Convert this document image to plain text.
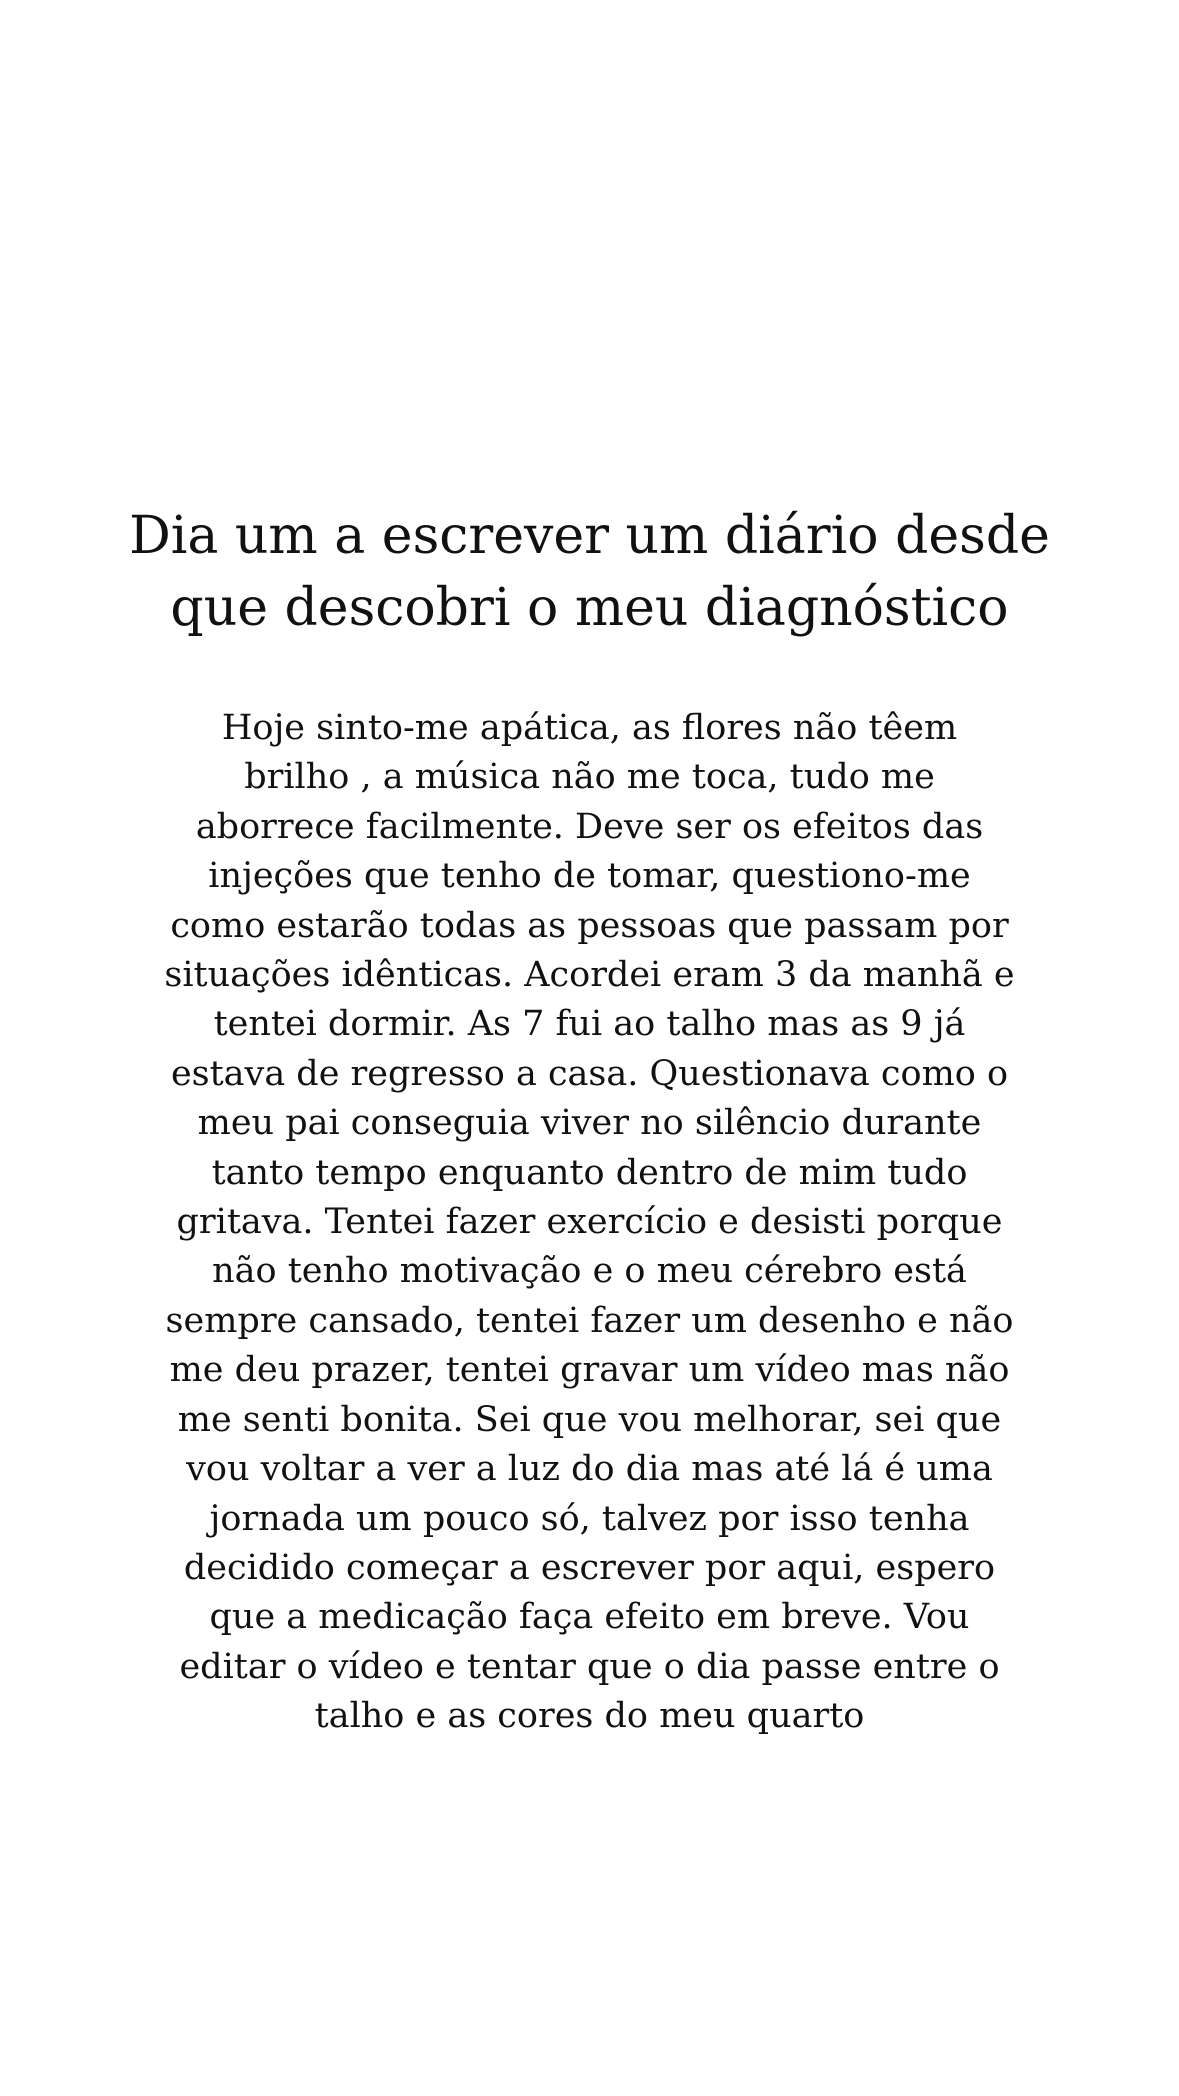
Dia um a escrever um diário desde
que descobri o meu diagnóstico

Hoje sinto-me apática, as flores não têem
brilho , a música não me toca, tudo me
aborrece facilmente. Deve ser os efeitos das
injeções que tenho de tomar, questiono-me
como estarão todas as pessoas que passam por
situações idênticas. Acordei eram 3 da manhã e
tentei dormir. As 7 fui ao talho mas as 9 já
estava de regresso a casa. Questionava como o
meu pai conseguia viver no silêncio durante
tanto tempo enquanto dentro de mim tudo
gritava. Tentei fazer exercício e desisti porque
não tenho motivação e o meu cérebro está
sempre cansado, tentei fazer um desenho e não
me deu prazer, tentei gravar um vídeo mas não
me senti bonita. Sei que vou melhorar, sei que
vou voltar a ver a luz do dia mas até lá é uma
jornada um pouco só, talvez por isso tenha
decidido começar a escrever por aqui, espero
que a medicação faça efeito em breve. Vou
editar o vídeo e tentar que o dia passe entre o
talho e as cores do meu quarto
